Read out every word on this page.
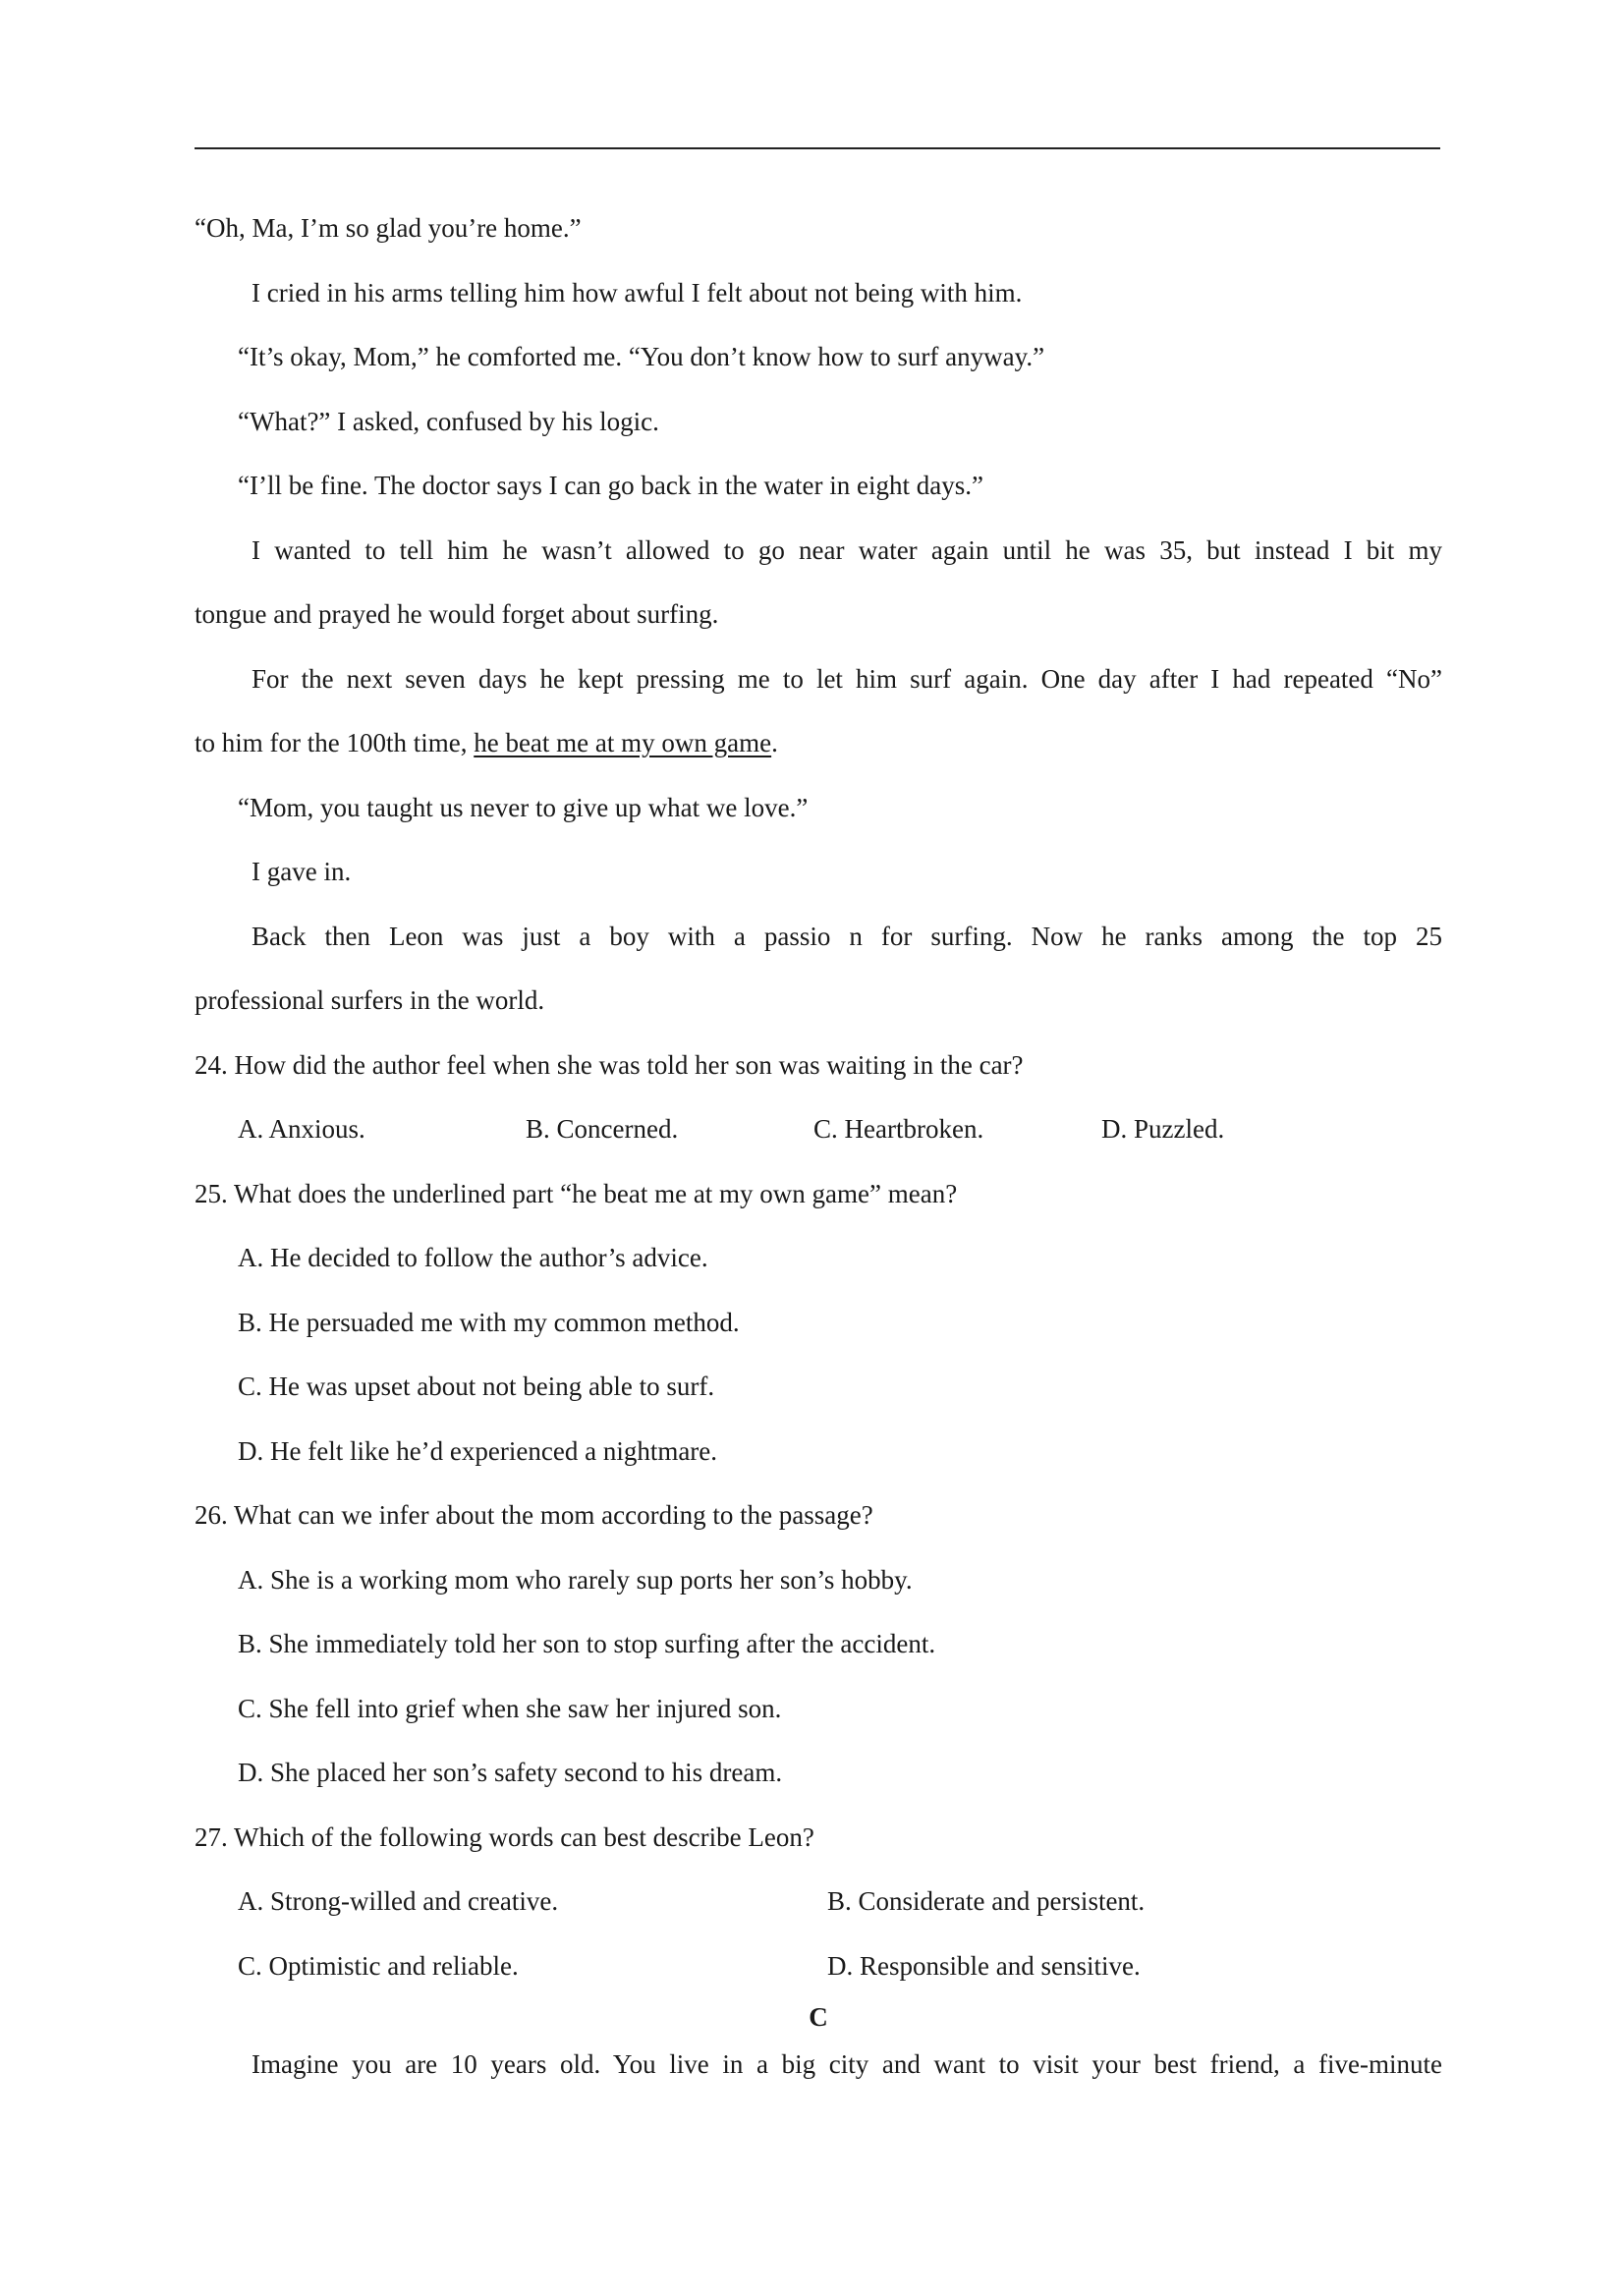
“Oh, Ma, I’m so glad you’re home.”
I cried in his arms telling him how awful I felt about not being with him.
“It’s okay, Mom,” he comforted me. “You don’t know how to surf anyway.”
“What?” I asked, confused by his logic.
“I’ll be fine. The doctor says I can go back in the water in eight days.”
I wanted to tell him he wasn’t allowed to go near water again until he was 35, but instead I bit my
tongue and prayed he would forget about surfing.
For the next seven days he kept pressing me to let him surf again. One day after I had repeated “No”
to him for the 100th time, he beat me at my own game.
“Mom, you taught us never to give up what we love.”
I gave in.
Back then Leon was just a boy with a passio n for surfing. Now he ranks among the top 25
professional surfers in the world.
24. How did the author feel when she was told her son was waiting in the car?
A. Anxious.	B. Concerned.	C. Heartbroken.	D. Puzzled.
25. What does the underlined part “he beat me at my own game” mean?
A. He decided to follow the author’s advice.
B. He persuaded me with my common method.
C. He was upset about not being able to surf.
D. He felt like he’d experienced a nightmare.
26. What can we infer about the mom according to the passage?
A. She is a working mom who rarely sup ports her son’s hobby.
B. She immediately told her son to stop surfing after the accident.
C. She fell into grief when she saw her injured son.
D. She placed her son’s safety second to his dream.
27. Which of the following words can best describe Leon?
A. Strong-willed and creative.	B. Considerate and persistent.
C. Optimistic and reliable.	D. Responsible and sensitive.
C
Imagine you are 10 years old. You live in a big city and want to visit your best friend, a five-minute
